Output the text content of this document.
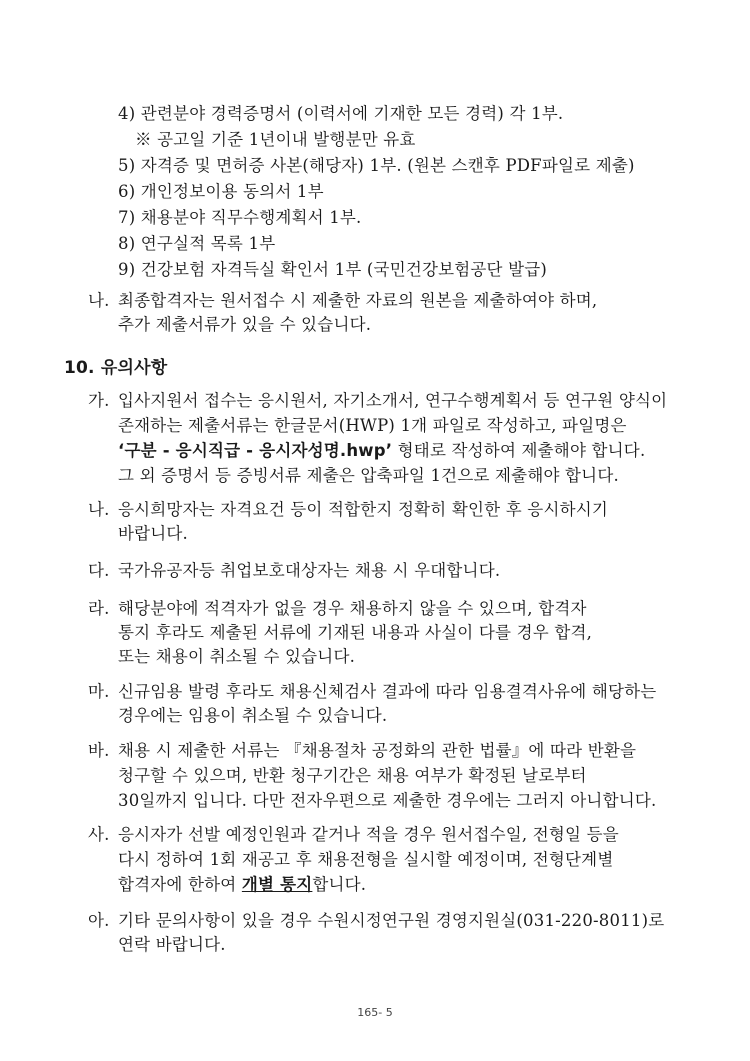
4) 관련분야 경력증명서 (이력서에 기재한 모든 경력) 각 1부.
※ 공고일 기준 1년이내 발행분만 유효
5) 자격증 및 면허증 사본(해당자) 1부. (원본 스캔후 PDF파일로 제출)
6) 개인정보이용 동의서 1부
7) 채용분야 직무수행계획서 1부.
8) 연구실적 목록 1부
9) 건강보험 자격득실 확인서 1부 (국민건강보험공단 발급)
나. 최종합격자는 원서접수 시 제출한 자료의 원본을 제출하여야 하며,
추가 제출서류가 있을 수 있습니다.
10. 유의사항
가. 입사지원서 접수는 응시원서, 자기소개서, 연구수행계획서 등 연구원 양식이
존재하는 제출서류는 한글문서(HWP) 1개 파일로 작성하고, 파일명은
‘구분 - 응시직급 - 응시자성명.hwp’ 형태로 작성하여 제출해야 합니다.
그 외 증명서 등 증빙서류 제출은 압축파일 1건으로 제출해야 합니다.
나. 응시희망자는 자격요건 등이 적합한지 정확히 확인한 후 응시하시기
바랍니다.
다. 국가유공자등 취업보호대상자는 채용 시 우대합니다.
라. 해당분야에 적격자가 없을 경우 채용하지 않을 수 있으며, 합격자
통지 후라도 제출된 서류에 기재된 내용과 사실이 다를 경우 합격,
또는 채용이 취소될 수 있습니다.
마. 신규임용 발령 후라도 채용신체검사 결과에 따라 임용결격사유에 해당하는
경우에는 임용이 취소될 수 있습니다.
바. 채용 시 제출한 서류는 『채용절차 공정화의 관한 법률』에 따라 반환을
청구할 수 있으며, 반환 청구기간은 채용 여부가 확정된 날로부터
30일까지 입니다. 다만 전자우편으로 제출한 경우에는 그러지 아니합니다.
사. 응시자가 선발 예정인원과 같거나 적을 경우 원서접수일, 전형일 등을
다시 정하여 1회 재공고 후 채용전형을 실시할 예정이며, 전형단계별
합격자에 한하여 개별 통지합니다.
아. 기타 문의사항이 있을 경우 수원시정연구원 경영지원실(031-220-8011)로
연락 바랍니다.
165- 5
